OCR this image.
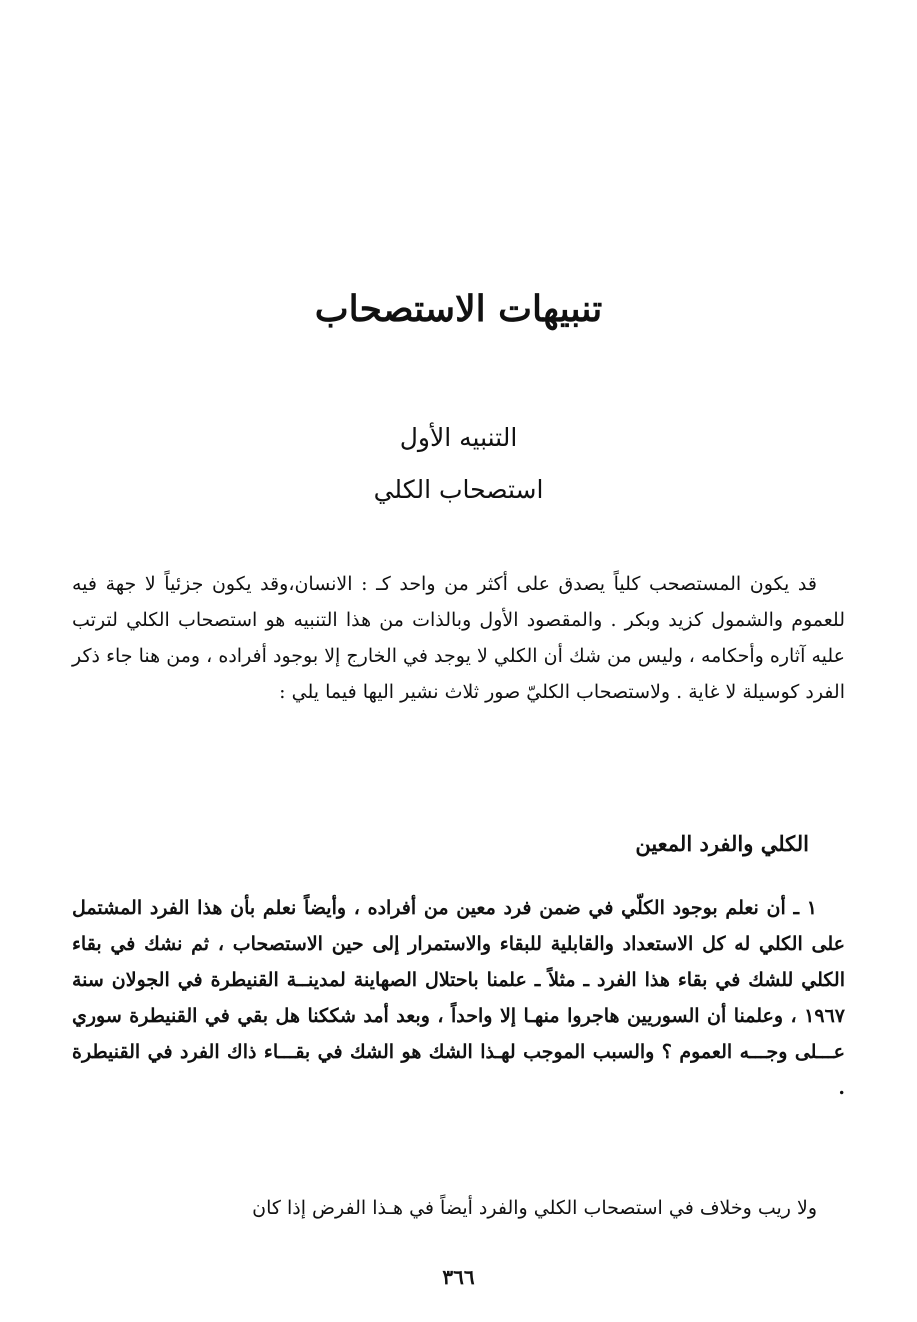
تنبيهات الاستصحاب
التنبيه الأول
استصحاب الكلي

قد يكون المستصحب كلياً يصدق على أكثر من واحد كـ : الانسان،وقد يكون جزئياً لا جهة فيه للعموم والشمول كزيد وبكر . والمقصود الأول وبالذات من هذا التنبيه هو استصحاب الكلي لترتب عليه آثاره وأحكامه ، وليس من شك أن الكلي لا يوجد في الخارج إلا بوجود أفراده ، ومن هنا جاء ذكر الفرد كوسيلة لا غاية . ولاستصحاب الكليّ صور ثلاث نشير اليها فيما يلي :

الكلي والفرد المعين

١ ـ أن نعلم بوجود الكلّي في ضمن فرد معين من أفراده ، وأيضاً نعلم بأن هذا الفرد المشتمل على الكلي له كل الاستعداد والقابلية للبقاء والاستمرار إلى حين الاستصحاب ، ثم نشك في بقاء الكلي للشك في بقاء هذا الفرد ـ مثلاً ـ علمنا باحتلال الصهاينة لمدينــة القنيطرة في الجولان سنة ١٩٦٧ ، وعلمنا أن السوريين هاجروا منهـا إلا واحداً ، وبعد أمد شككنا هل بقي في القنيطرة سوري عـــلى وجـــه العموم ؟ والسبب الموجب لهـذا الشك هو الشك في بقـــاء ذاك الفرد في القنيطرة .

ولا ريب وخلاف في استصحاب الكلي والفرد أيضاً في هـذا الفرض إذا كان

٣٦٦
